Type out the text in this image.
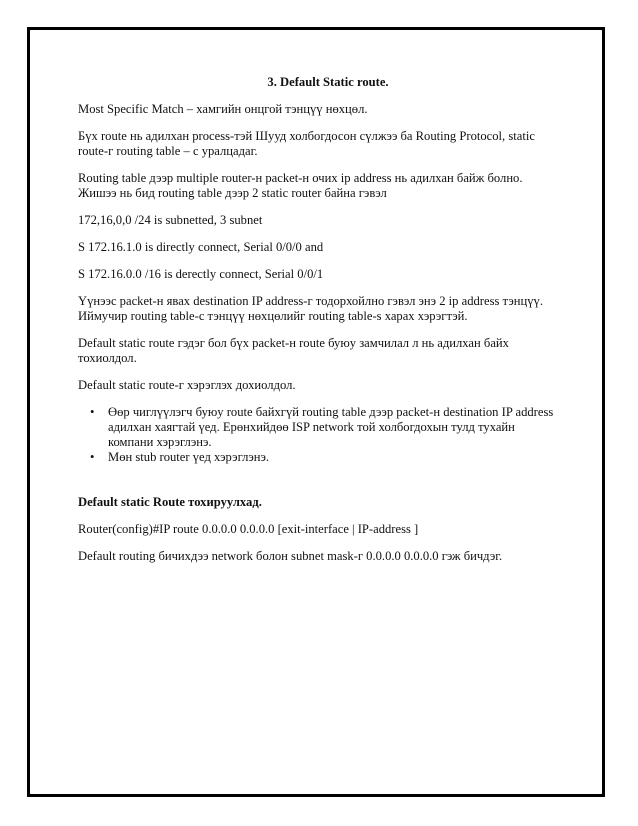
3. Default Static route.

Most Specific Match – хамгийн онцгой тэнцүү нөхцөл.

Бүх route нь адилхан process-тэй Шууд холбогдосон сүлжээ ба Routing Protocol, static
route-г routing table – с уралцадаг.

Routing table дээр multiple router-н packet-н очих ip address нь адилхан байж болно.
Жишээ нь бид routing table дээр 2 static router байна гэвэл

172,16,0,0 /24 is subnetted, 3 subnet

S 172.16.1.0 is directly connect, Serial 0/0/0 and

S 172.16.0.0 /16 is derectly connect, Serial 0/0/1

Үүнээс packet-н явах destination IP address-г тодорхойлно гэвэл энэ 2 ip address тэнцүү.
Иймучир routing table-с тэнцүү нөхцөлийг routing table-s харах хэрэгтэй.

Default static route гэдэг бол бүх packet-н route буюу замчилал л нь адилхан байх
тохиолдол.

Default static route-г хэрэглэх дохиолдол.

• Өөр чиглүүлэгч буюу route байхгүй routing table дээр packet-н destination IP address
адилхан хаягтай үед. Ерөнхийдөө ISP network той холбогдохын тулд тухайн
компани хэрэглэнэ.
• Мөн stub router үед хэрэглэнэ.

Default static Route тохируулхад.

Router(config)#IP route 0.0.0.0 0.0.0.0 [exit-interface | IP-address ]

Default routing бичихдээ network болон subnet mask-г 0.0.0.0 0.0.0.0 гэж бичдэг.
